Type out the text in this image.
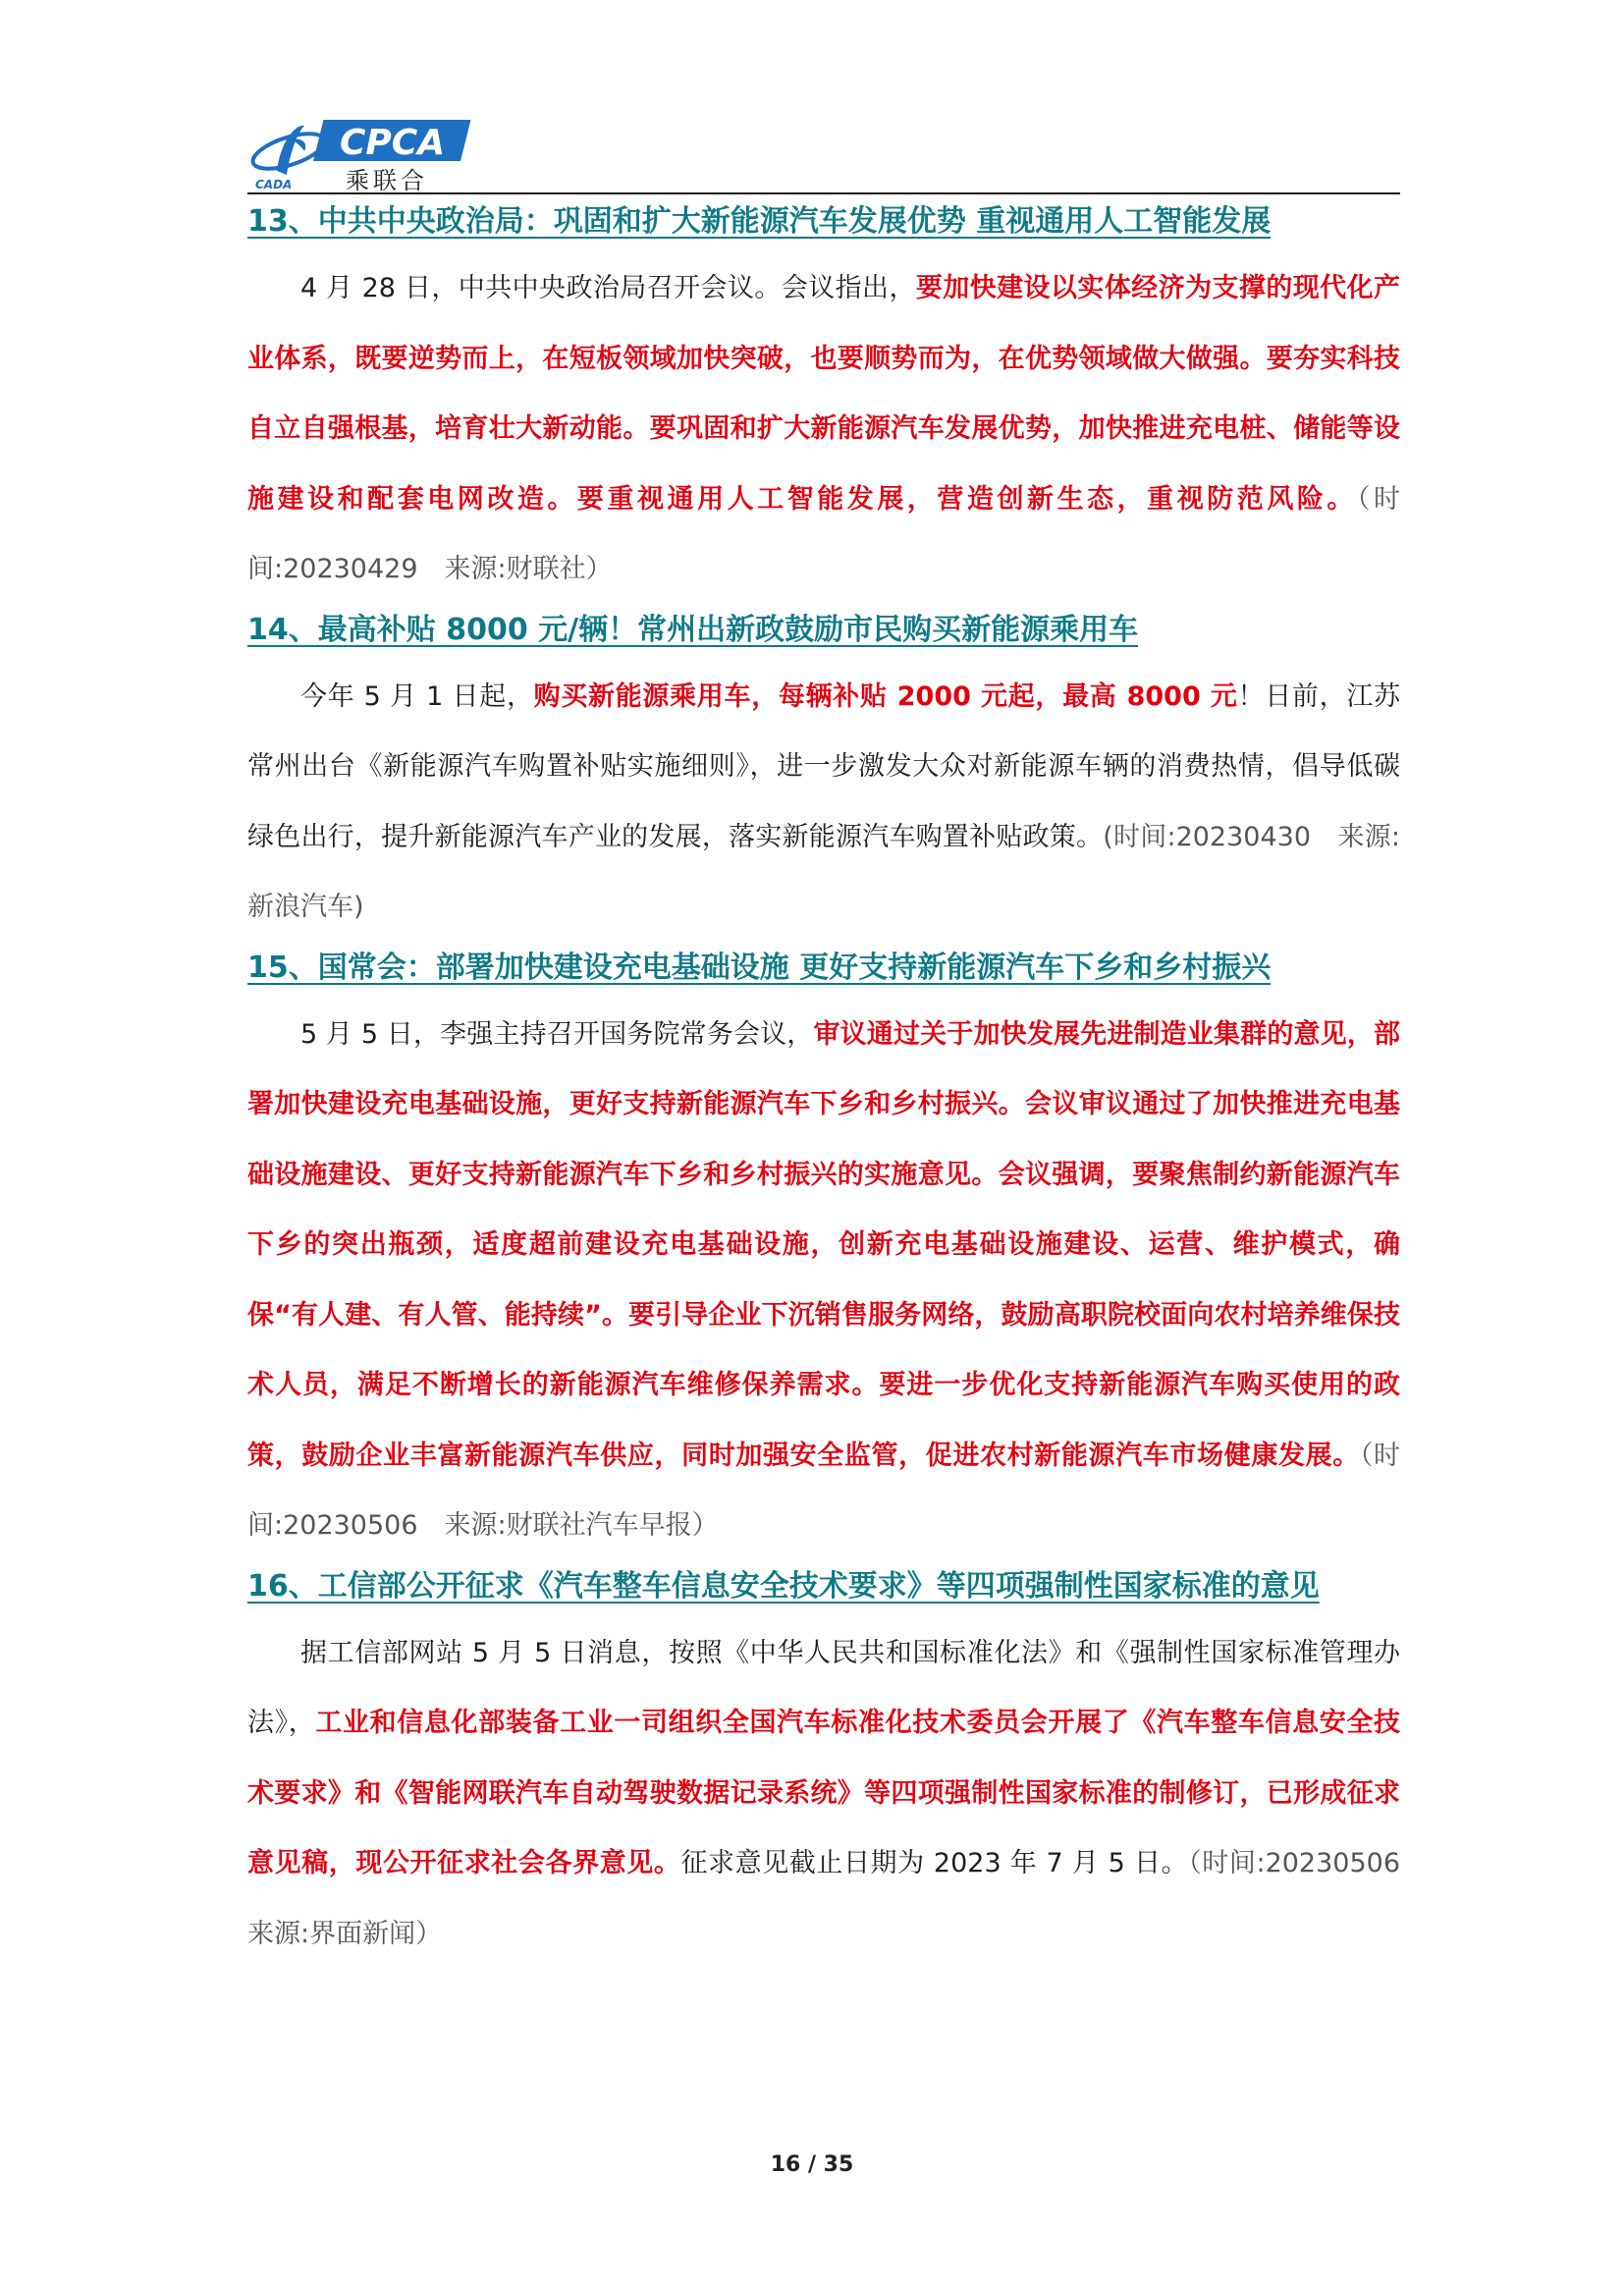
CPCA
CADA 乘联合
13、中共中央政治局：巩固和扩大新能源汽车发展优势 重视通用人工智能发展

4 月 28 日，中共中央政治局召开会议。会议指出，要加快建设以实体经济为支撑的现代化产业体系，既要逆势而上，在短板领域加快突破，也要顺势而为，在优势领域做大做强。要夯实科技自立自强根基，培育壮大新动能。要巩固和扩大新能源汽车发展优势，加快推进充电桩、储能等设施建设和配套电网改造。要重视通用人工智能发展，营造创新生态，重视防范风险。（时间:20230429　来源:财联社）

14、最高补贴 8000 元/辆！常州出新政鼓励市民购买新能源乘用车

今年 5 月 1 日起，购买新能源乘用车，每辆补贴 2000 元起，最高 8000 元！日前，江苏常州出台《新能源汽车购置补贴实施细则》，进一步激发大众对新能源车辆的消费热情，倡导低碳绿色出行，提升新能源汽车产业的发展，落实新能源汽车购置补贴政策。(时间:20230430　来源:新浪汽车)

15、国常会：部署加快建设充电基础设施 更好支持新能源汽车下乡和乡村振兴

5 月 5 日，李强主持召开国务院常务会议，审议通过关于加快发展先进制造业集群的意见，部署加快建设充电基础设施，更好支持新能源汽车下乡和乡村振兴。会议审议通过了加快推进充电基础设施建设、更好支持新能源汽车下乡和乡村振兴的实施意见。会议强调，要聚焦制约新能源汽车下乡的突出瓶颈，适度超前建设充电基础设施，创新充电基础设施建设、运营、维护模式，确保“有人建、有人管、能持续”。要引导企业下沉销售服务网络，鼓励高职院校面向农村培养维保技术人员，满足不断增长的新能源汽车维修保养需求。要进一步优化支持新能源汽车购买使用的政策，鼓励企业丰富新能源汽车供应，同时加强安全监管，促进农村新能源汽车市场健康发展。（时间:20230506　来源:财联社汽车早报）

16、工信部公开征求《汽车整车信息安全技术要求》等四项强制性国家标准的意见

据工信部网站 5 月 5 日消息，按照《中华人民共和国标准化法》和《强制性国家标准管理办法》，工业和信息化部装备工业一司组织全国汽车标准化技术委员会开展了《汽车整车信息安全技术要求》和《智能网联汽车自动驾驶数据记录系统》等四项强制性国家标准的制修订，已形成征求意见稿，现公开征求社会各界意见。征求意见截止日期为 2023 年 7 月 5 日。（时间:20230506　来源:界面新闻）

16 / 35
